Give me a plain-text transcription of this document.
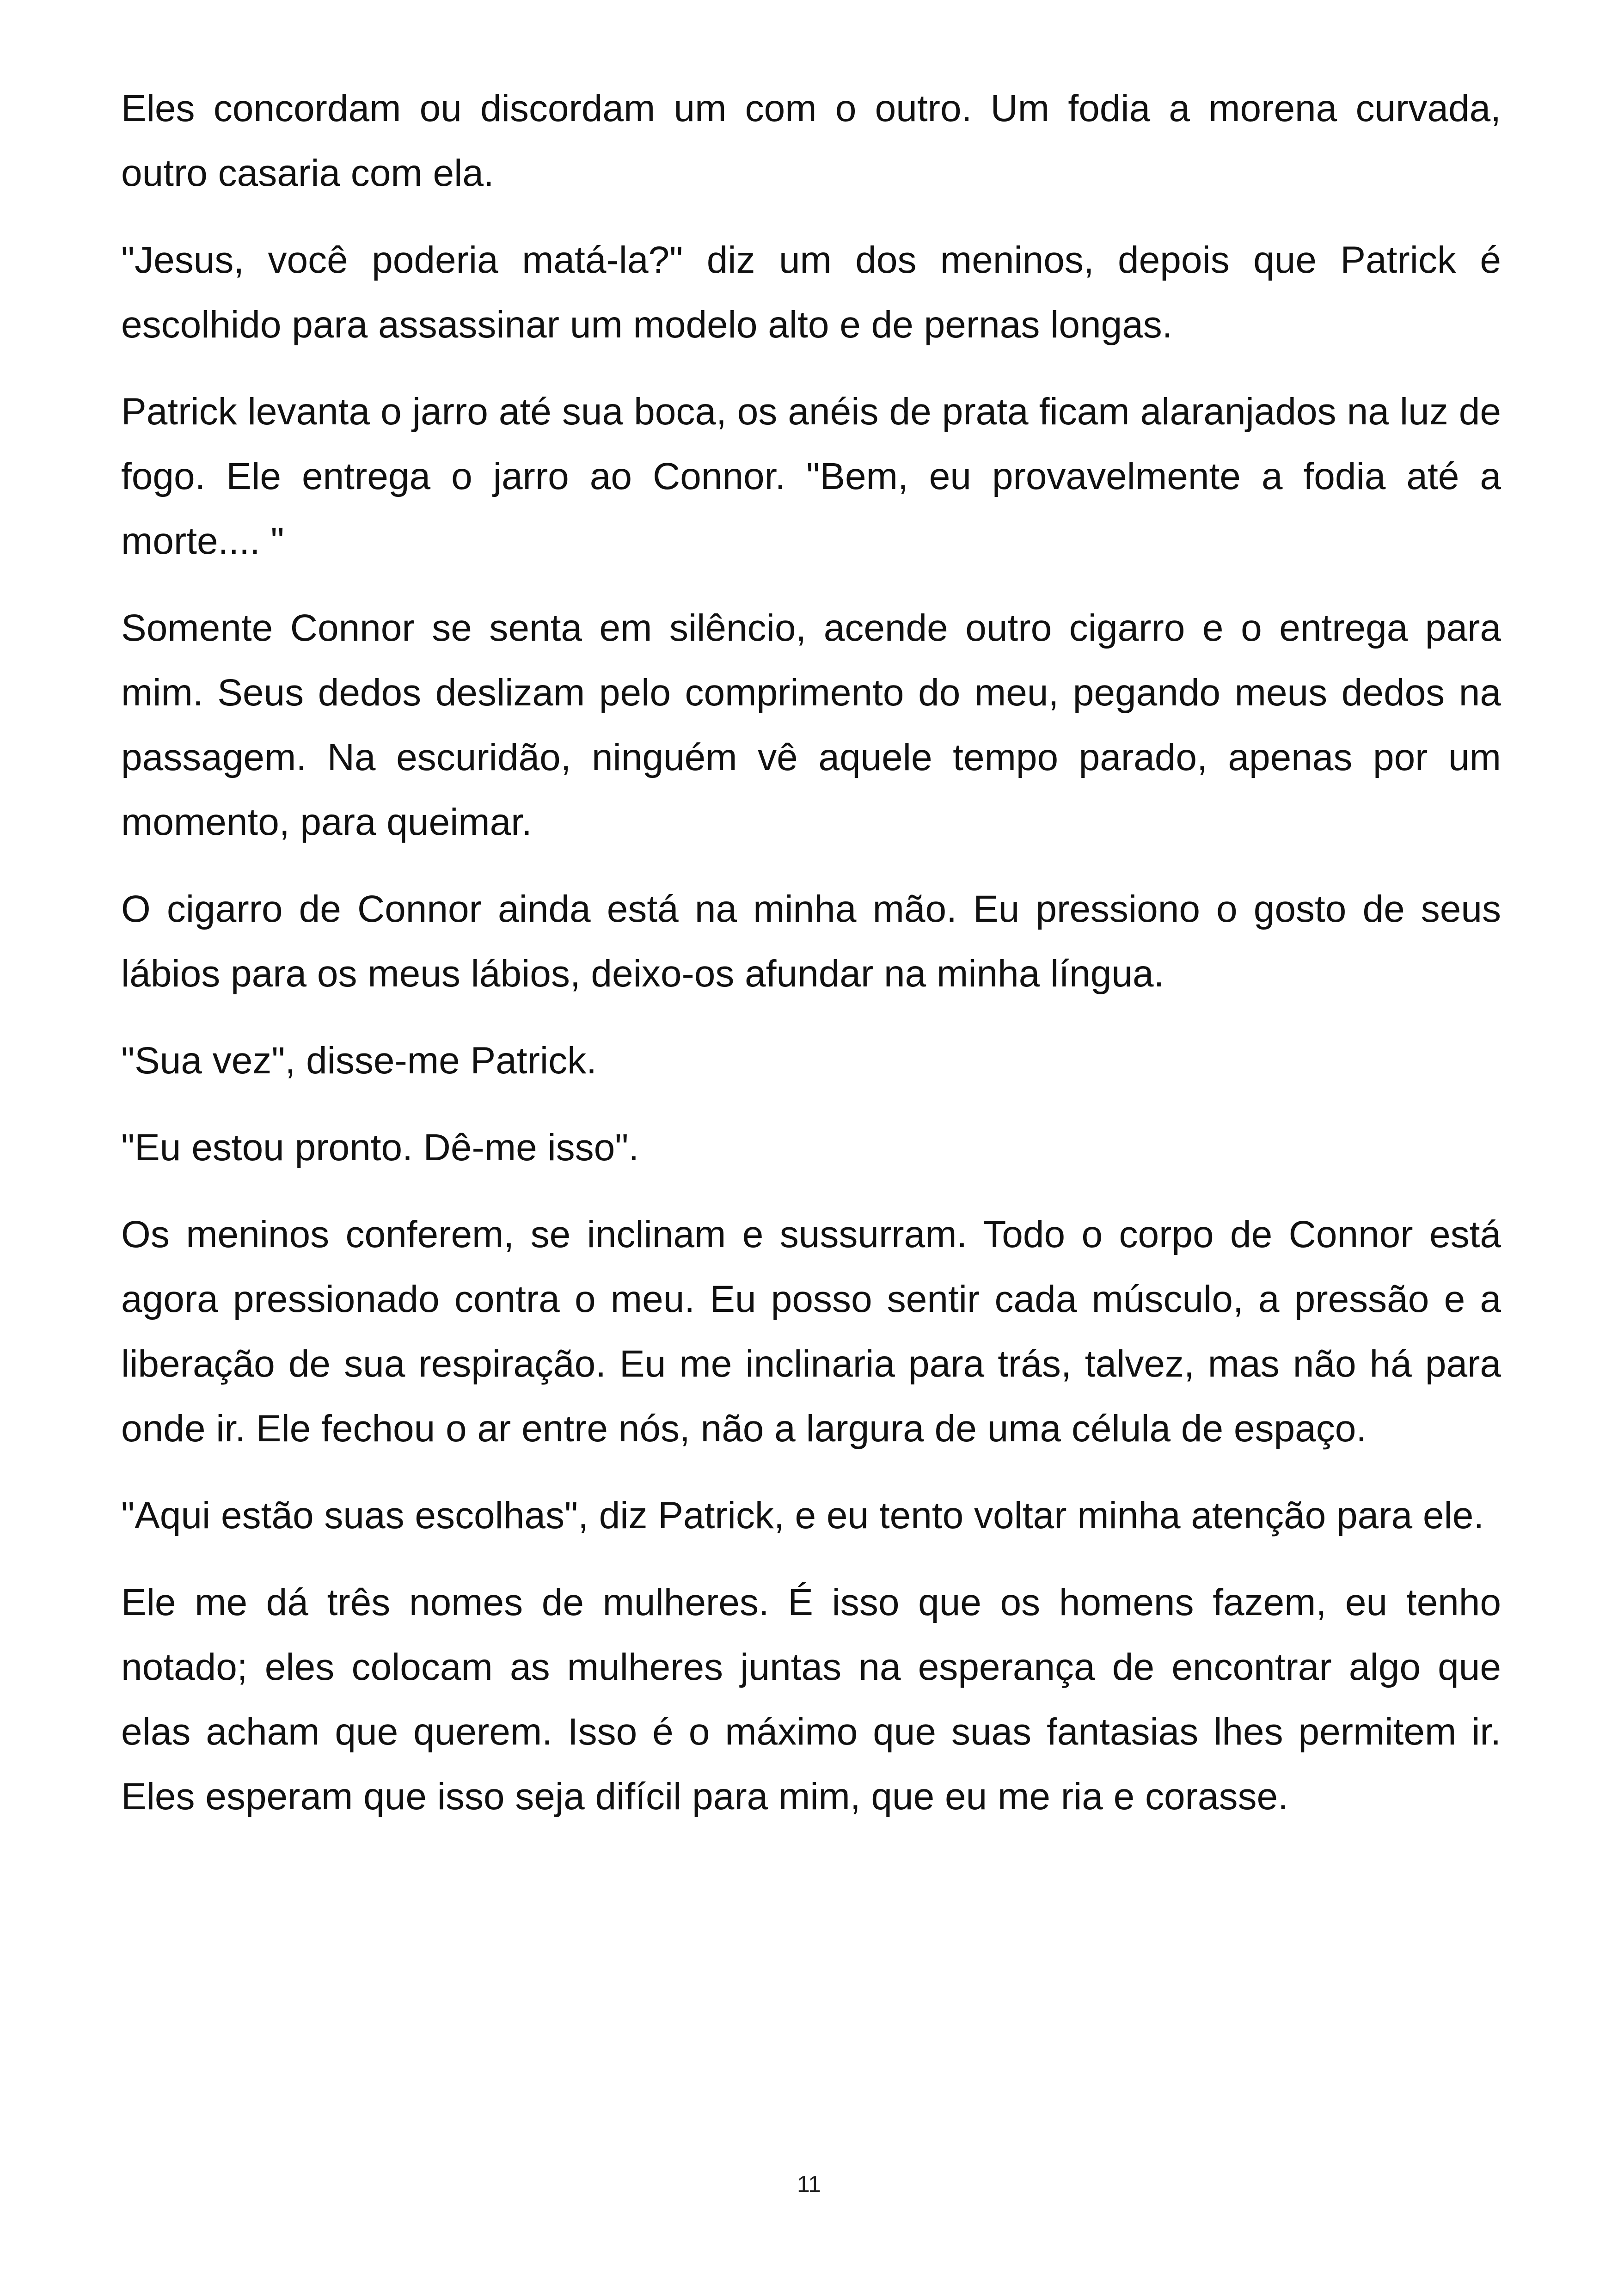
Eles concordam ou discordam um com o outro. Um fodia a morena curvada, outro casaria com ela.

"Jesus, você poderia matá-la?" diz um dos meninos, depois que Patrick é escolhido para assassinar um modelo alto e de pernas longas.

Patrick levanta o jarro até sua boca, os anéis de prata ficam alaranjados na luz de fogo. Ele entrega o jarro ao Connor. "Bem, eu provavelmente a fodia até a morte.... "

Somente Connor se senta em silêncio, acende outro cigarro e o entrega para mim. Seus dedos deslizam pelo comprimento do meu, pegando meus dedos na passagem. Na escuridão, ninguém vê aquele tempo parado, apenas por um momento, para queimar.

O cigarro de Connor ainda está na minha mão. Eu pressiono o gosto de seus lábios para os meus lábios, deixo-os afundar na minha língua.

"Sua vez", disse-me Patrick.

"Eu estou pronto. Dê-me isso".

Os meninos conferem, se inclinam e sussurram. Todo o corpo de Connor está agora pressionado contra o meu. Eu posso sentir cada músculo, a pressão e a liberação de sua respiração. Eu me inclinaria para trás, talvez, mas não há para onde ir. Ele fechou o ar entre nós, não a largura de uma célula de espaço.

"Aqui estão suas escolhas", diz Patrick, e eu tento voltar minha atenção para ele.

Ele me dá três nomes de mulheres. É isso que os homens fazem, eu tenho notado; eles colocam as mulheres juntas na esperança de encontrar algo que elas acham que querem. Isso é o máximo que suas fantasias lhes permitem ir. Eles esperam que isso seja difícil para mim, que eu me ria e corasse.

11
